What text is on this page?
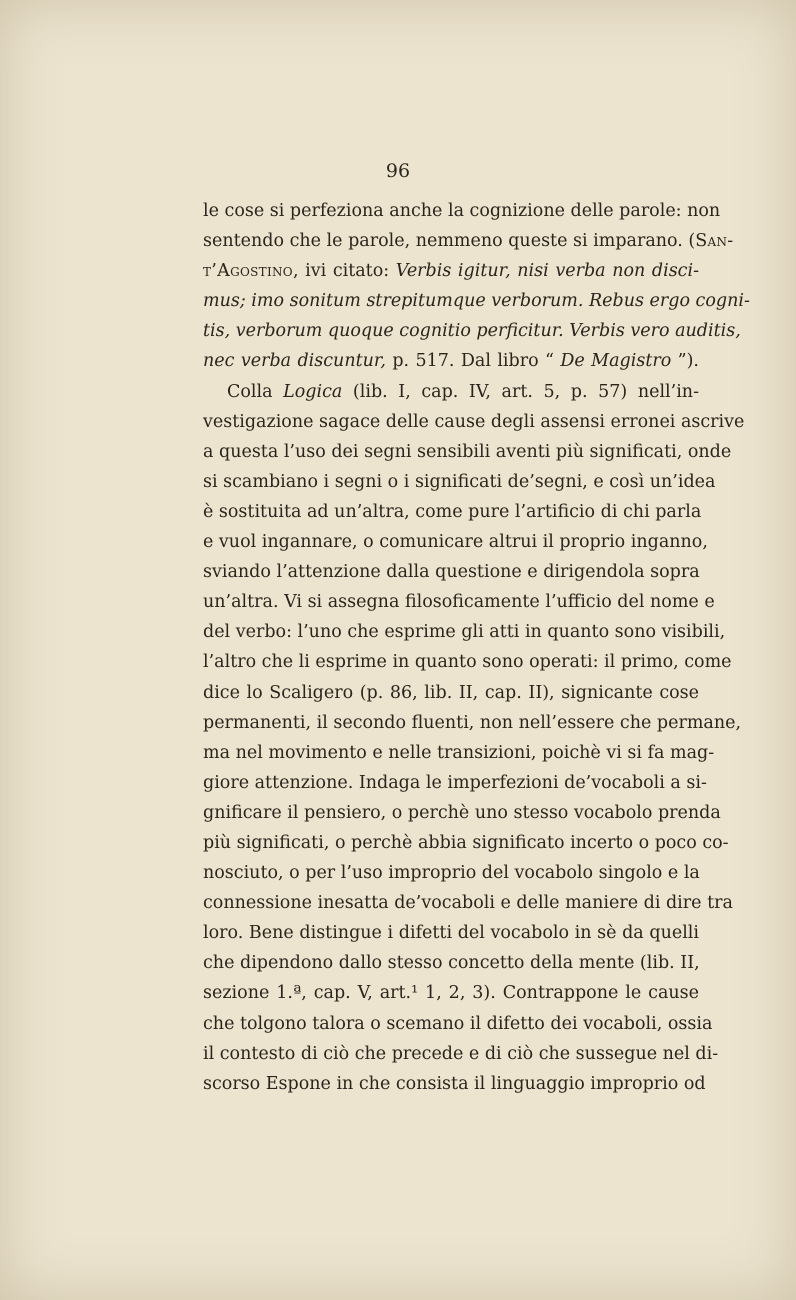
96
le cose si perfeziona anche la cognizione delle parole: non
sentendo che le parole, nemmeno queste si imparano. (San-
t’Agostino, ivi citato: Verbis igitur, nisi verba non disci-
mus; imo sonitum strepitumque verborum. Rebus ergo cogni-
tis, verborum quoque cognitio perficitur. Verbis vero auditis,
nec verba discuntur, p. 517. Dal libro “ De Magistro ”).
Colla Logica (lib. I, cap. IV, art. 5, p. 57) nell’in-
vestigazione sagace delle cause degli assensi erronei ascrive
a questa l’uso dei segni sensibili aventi più significati, onde
si scambiano i segni o i significati de’segni, e così un’idea
è sostituita ad un’altra, come pure l’artificio di chi parla
e vuol ingannare, o comunicare altrui il proprio inganno,
sviando l’attenzione dalla questione e dirigendola sopra
un’altra. Vi si assegna filosoficamente l’ufficio del nome e
del verbo: l’uno che esprime gli atti in quanto sono visibili,
l’altro che li esprime in quanto sono operati: il primo, come
dice lo Scaligero (p. 86, lib. II, cap. II), signicante cose
permanenti, il secondo fluenti, non nell’essere che permane,
ma nel movimento e nelle transizioni, poichè vi si fa mag-
giore attenzione. Indaga le imperfezioni de’vocaboli a si-
gnificare il pensiero, o perchè uno stesso vocabolo prenda
più significati, o perchè abbia significato incerto o poco co-
nosciuto, o per l’uso improprio del vocabolo singolo e la
connessione inesatta de’vocaboli e delle maniere di dire tra
loro. Bene distingue i difetti del vocabolo in sè da quelli
che dipendono dallo stesso concetto della mente (lib. II,
sezione 1.ª, cap. V, art.¹ 1, 2, 3). Contrappone le cause
che tolgono talora o scemano il difetto dei vocaboli, ossia
il contesto di ciò che precede e di ciò che sussegue nel di-
scorso Espone in che consista il linguaggio improprio od
